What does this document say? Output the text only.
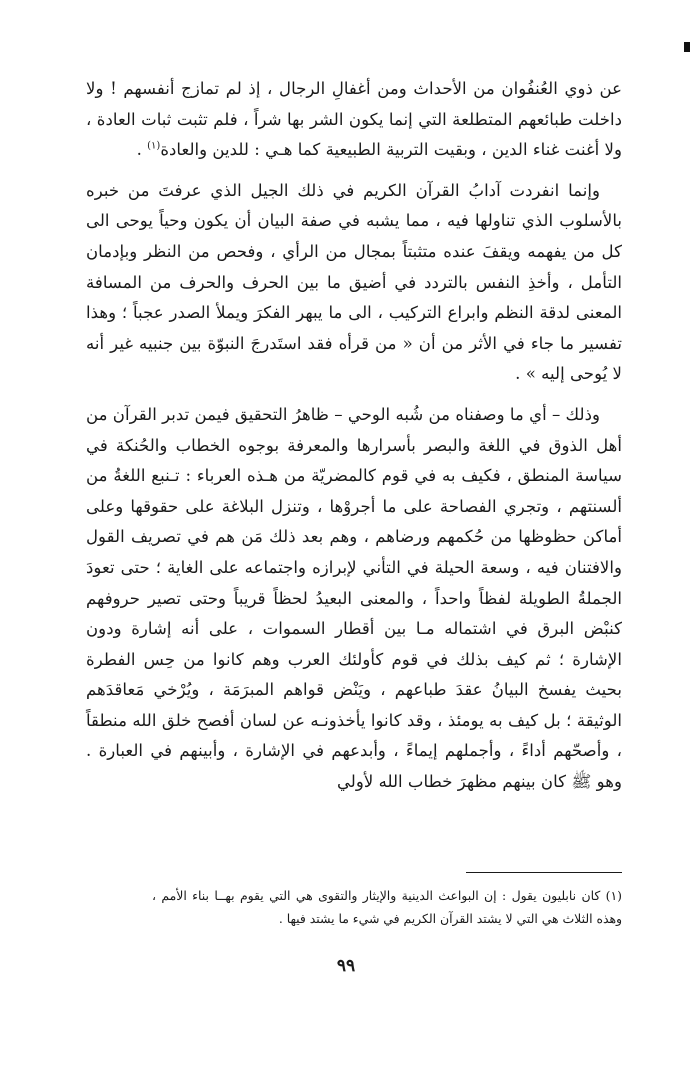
عن ذوي العُنفُوان من الأحداث ومن أغفالِ الرجال ، إذ لم تمازج أنفسهم ! ولا داخلت طبائعهم المتطلعة التي إنما يكون الشر بها شراً ، فلم تثبت ثبات العادة ، ولا أغنت غناء الدين ، وبقيت التربية الطبيعية كما هـي : للدين والعادة$^{(١)}$ .

وإنما انفردت آدابُ القرآن الكريم في ذلك الجيل الذي عرفتَ من خبره بالأسلوب الذي تناولها فيه ، مما يشبه في صفة البيان أن يكون وحياً يوحى الى كل من يفهمه ويقفَ عنده متثبتاً بمجال من الرأي ، وفحص من النظر وبإدمان التأمل ، وأخذِ النفس بالتردد في أضيق ما بين الحرف والحرف من المسافة المعنى لدقة النظم وابراع التركيب ، الى ما يبهر الفكرَ ويملأ الصدر عجباً ؛ وهذا تفسير ما جاء في الأثر من أن « من قرأه فقد استَدرجَ النبوّة بين جنبيه غير أنه لا يُوحى إليه » .

وذلك – أي ما وصفناه من شُبه الوحي – ظاهرُ التحقيق فيمن تدبر القرآن من أهل الذوق في اللغة والبصر بأسرارها والمعرفة بوجوه الخطاب والحُنكة في سياسة المنطق ، فكيف به في قوم كالمضريّة من هـذه العرباء : تـنبع اللغةُ من ألسنتهم ، وتجري الفصاحة على ما أجروْها ، وتنزل البلاغة على حقوقها وعلى أماكن حظوظها من حُكمهم ورضاهم ، وهم بعد ذلك مَن هم في تصريف القول والافتنان فيه ، وسعة الحيلة في التأني لإبرازه واجتماعه على الغاية ؛ حتى تعودَ الجملةُ الطويلة لفظاً واحداً ، والمعنى البعيدُ لحظاً قريباً وحتى تصير حروفهم كنبْض البرق في اشتماله مـا بين أقطار السموات ، على أنه إشارة ودون الإشارة ؛ ثم كيف بذلك في قوم كأولئك العرب وهم كانوا من حِس الفطرة بحيث يفسخ البيانُ عقدَ طباعهم ، ويَنْض قواهم المبرَمَة ، ويُرْخي مَعاقدَهم الوثيقة ؛ بل كيف به يومئذ ، وقد كانوا يأخذونـه عن لسان أفصح خلق الله منطقاً ، وأصحّهم أداءً ، وأجملهم إيماءً ، وأبدعهم في الإشارة ، وأبينهم في العبارة . وهو ﷺ كان بينهم مظهرَ خطاب الله لأولي

(١) كان نابليون يقول : إن البواعث الدينية والإيثار والتقوى هي التي يقوم بهــا بناء الأمم ، وهذه الثلاث هي التي لا يشتد القرآن الكريم في شيء ما يشتد فيها .

٩٩
